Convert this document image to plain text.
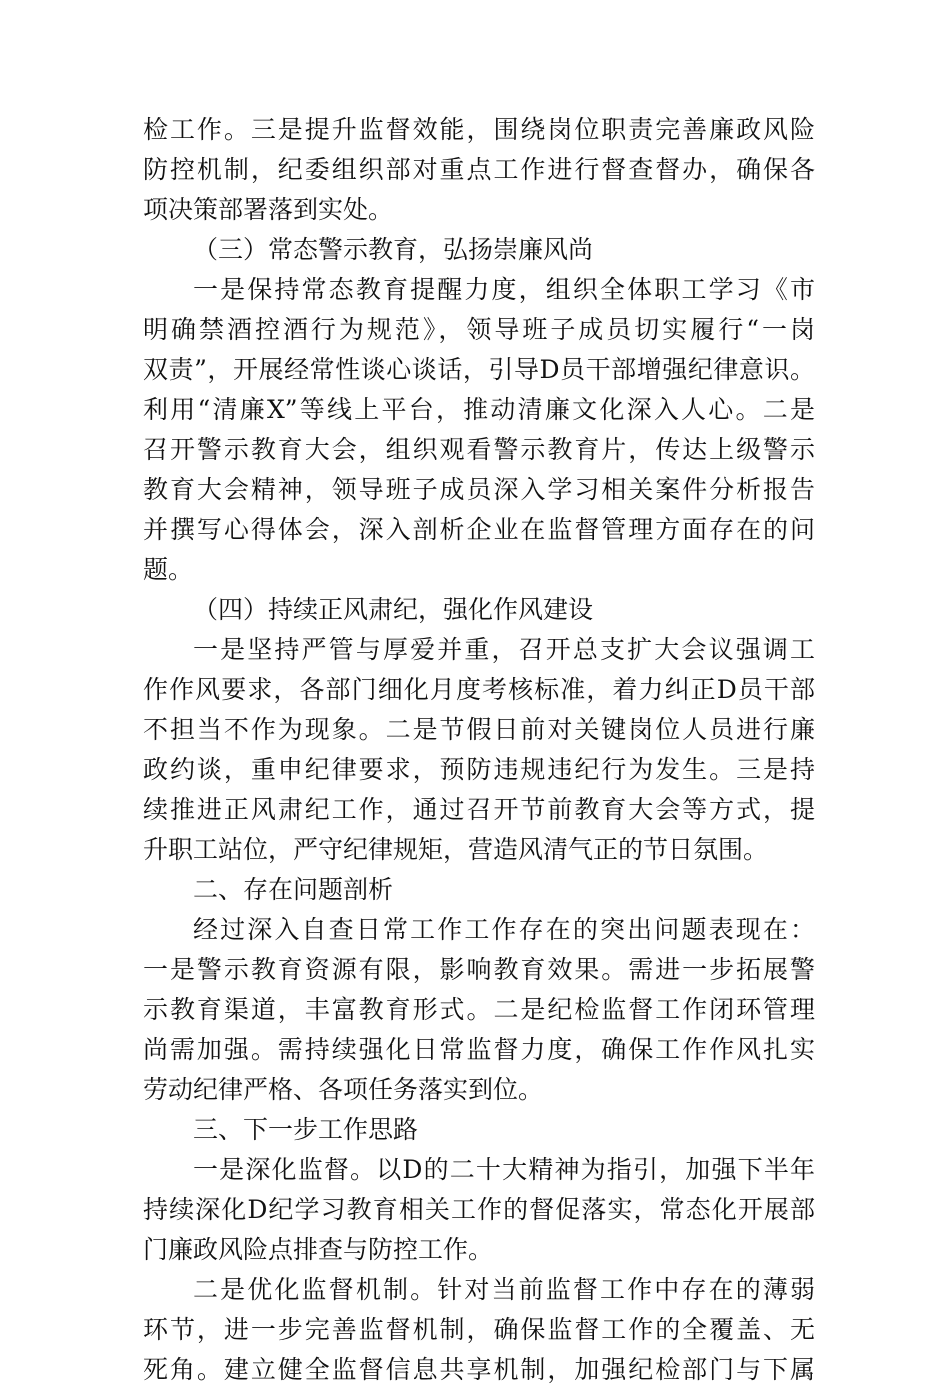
检工作。三是提升监督效能，围绕岗位职责完善廉政风险
防控机制，纪委组织部对重点工作进行督查督办，确保各
项决策部署落到实处。
（三）常态警示教育，弘扬崇廉风尚
一是保持常态教育提醒力度，组织全体职工学习《市
明确禁酒控酒行为规范》，领导班子成员切实履行“一岗
双责”，开展经常性谈心谈话，引导D员干部增强纪律意识。
利用“清廉X”等线上平台，推动清廉文化深入人心。二是
召开警示教育大会，组织观看警示教育片，传达上级警示
教育大会精神，领导班子成员深入学习相关案件分析报告
并撰写心得体会，深入剖析企业在监督管理方面存在的问
题。
（四）持续正风肃纪，强化作风建设
一是坚持严管与厚爱并重，召开总支扩大会议强调工
作作风要求，各部门细化月度考核标准，着力纠正D员干部
不担当不作为现象。二是节假日前对关键岗位人员进行廉
政约谈，重申纪律要求，预防违规违纪行为发生。三是持
续推进正风肃纪工作，通过召开节前教育大会等方式，提
升职工站位，严守纪律规矩，营造风清气正的节日氛围。
二、存在问题剖析
经过深入自查日常工作工作存在的突出问题表现在：
一是警示教育资源有限，影响教育效果。需进一步拓展警
示教育渠道，丰富教育形式。二是纪检监督工作闭环管理
尚需加强。需持续强化日常监督力度，确保工作作风扎实
劳动纪律严格、各项任务落实到位。
三、下一步工作思路
一是深化监督。以D的二十大精神为指引，加强下半年
持续深化D纪学习教育相关工作的督促落实，常态化开展部
门廉政风险点排查与防控工作。
二是优化监督机制。针对当前监督工作中存在的薄弱
环节，进一步完善监督机制，确保监督工作的全覆盖、无
死角。建立健全监督信息共享机制，加强纪检部门与下属
